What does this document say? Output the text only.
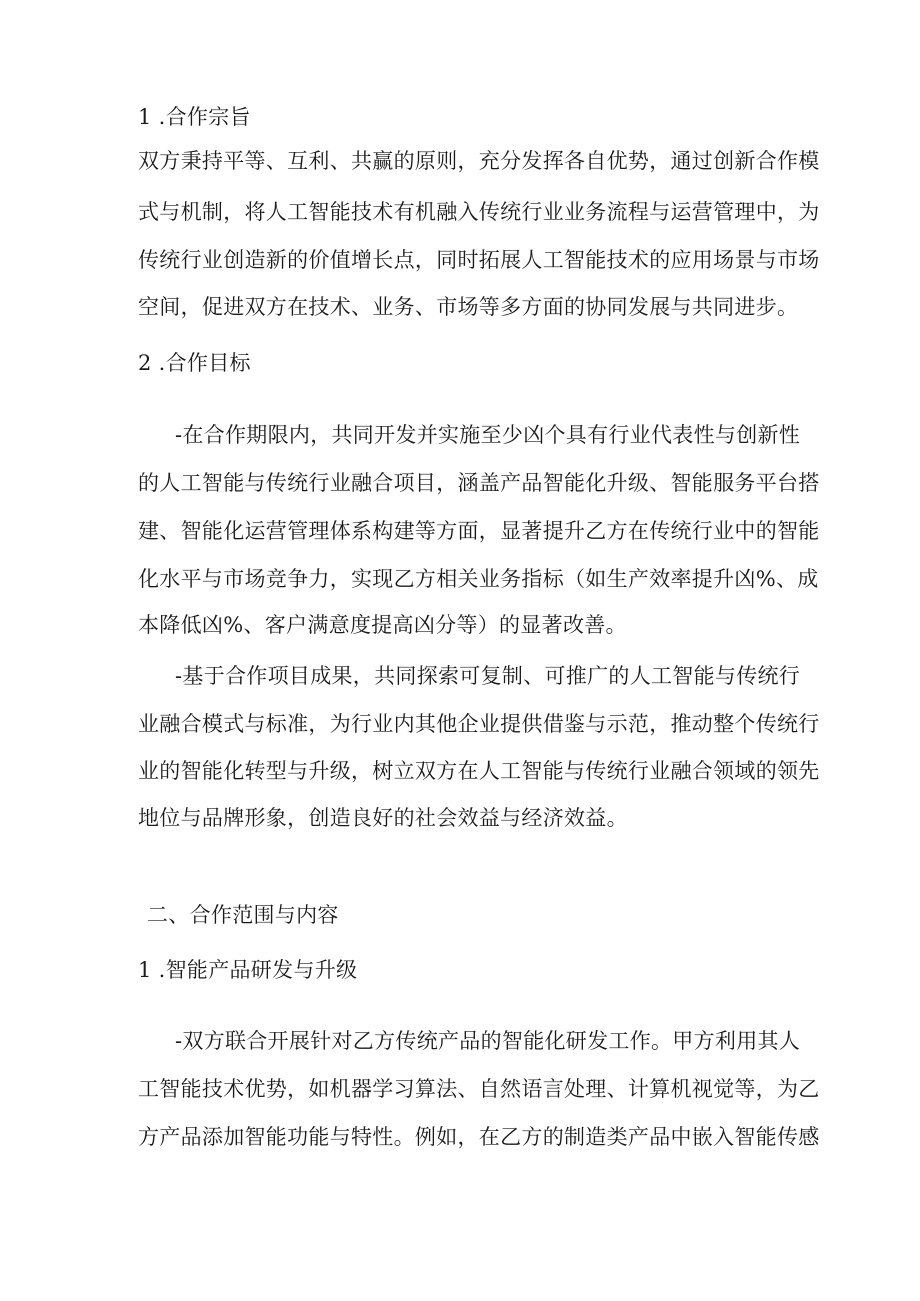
1 .合作宗旨
双方秉持平等、互利、共赢的原则，充分发挥各自优势，通过创新合作模
式与机制，将人工智能技术有机融入传统行业业务流程与运营管理中，为
传统行业创造新的价值增长点，同时拓展人工智能技术的应用场景与市场
空间，促进双方在技术、业务、市场等多方面的协同发展与共同进步。
2 .合作目标
-在合作期限内，共同开发并实施至少凶个具有行业代表性与创新性
的人工智能与传统行业融合项目，涵盖产品智能化升级、智能服务平台搭
建、智能化运营管理体系构建等方面，显著提升乙方在传统行业中的智能
化水平与市场竞争力，实现乙方相关业务指标（如生产效率提升凶%、成
本降低凶%、客户满意度提高凶分等）的显著改善。
-基于合作项目成果，共同探索可复制、可推广的人工智能与传统行
业融合模式与标准，为行业内其他企业提供借鉴与示范，推动整个传统行
业的智能化转型与升级，树立双方在人工智能与传统行业融合领域的领先
地位与品牌形象，创造良好的社会效益与经济效益。
二、合作范围与内容
1 .智能产品研发与升级
-双方联合开展针对乙方传统产品的智能化研发工作。甲方利用其人
工智能技术优势，如机器学习算法、自然语言处理、计算机视觉等，为乙
方产品添加智能功能与特性。例如，在乙方的制造类产品中嵌入智能传感
